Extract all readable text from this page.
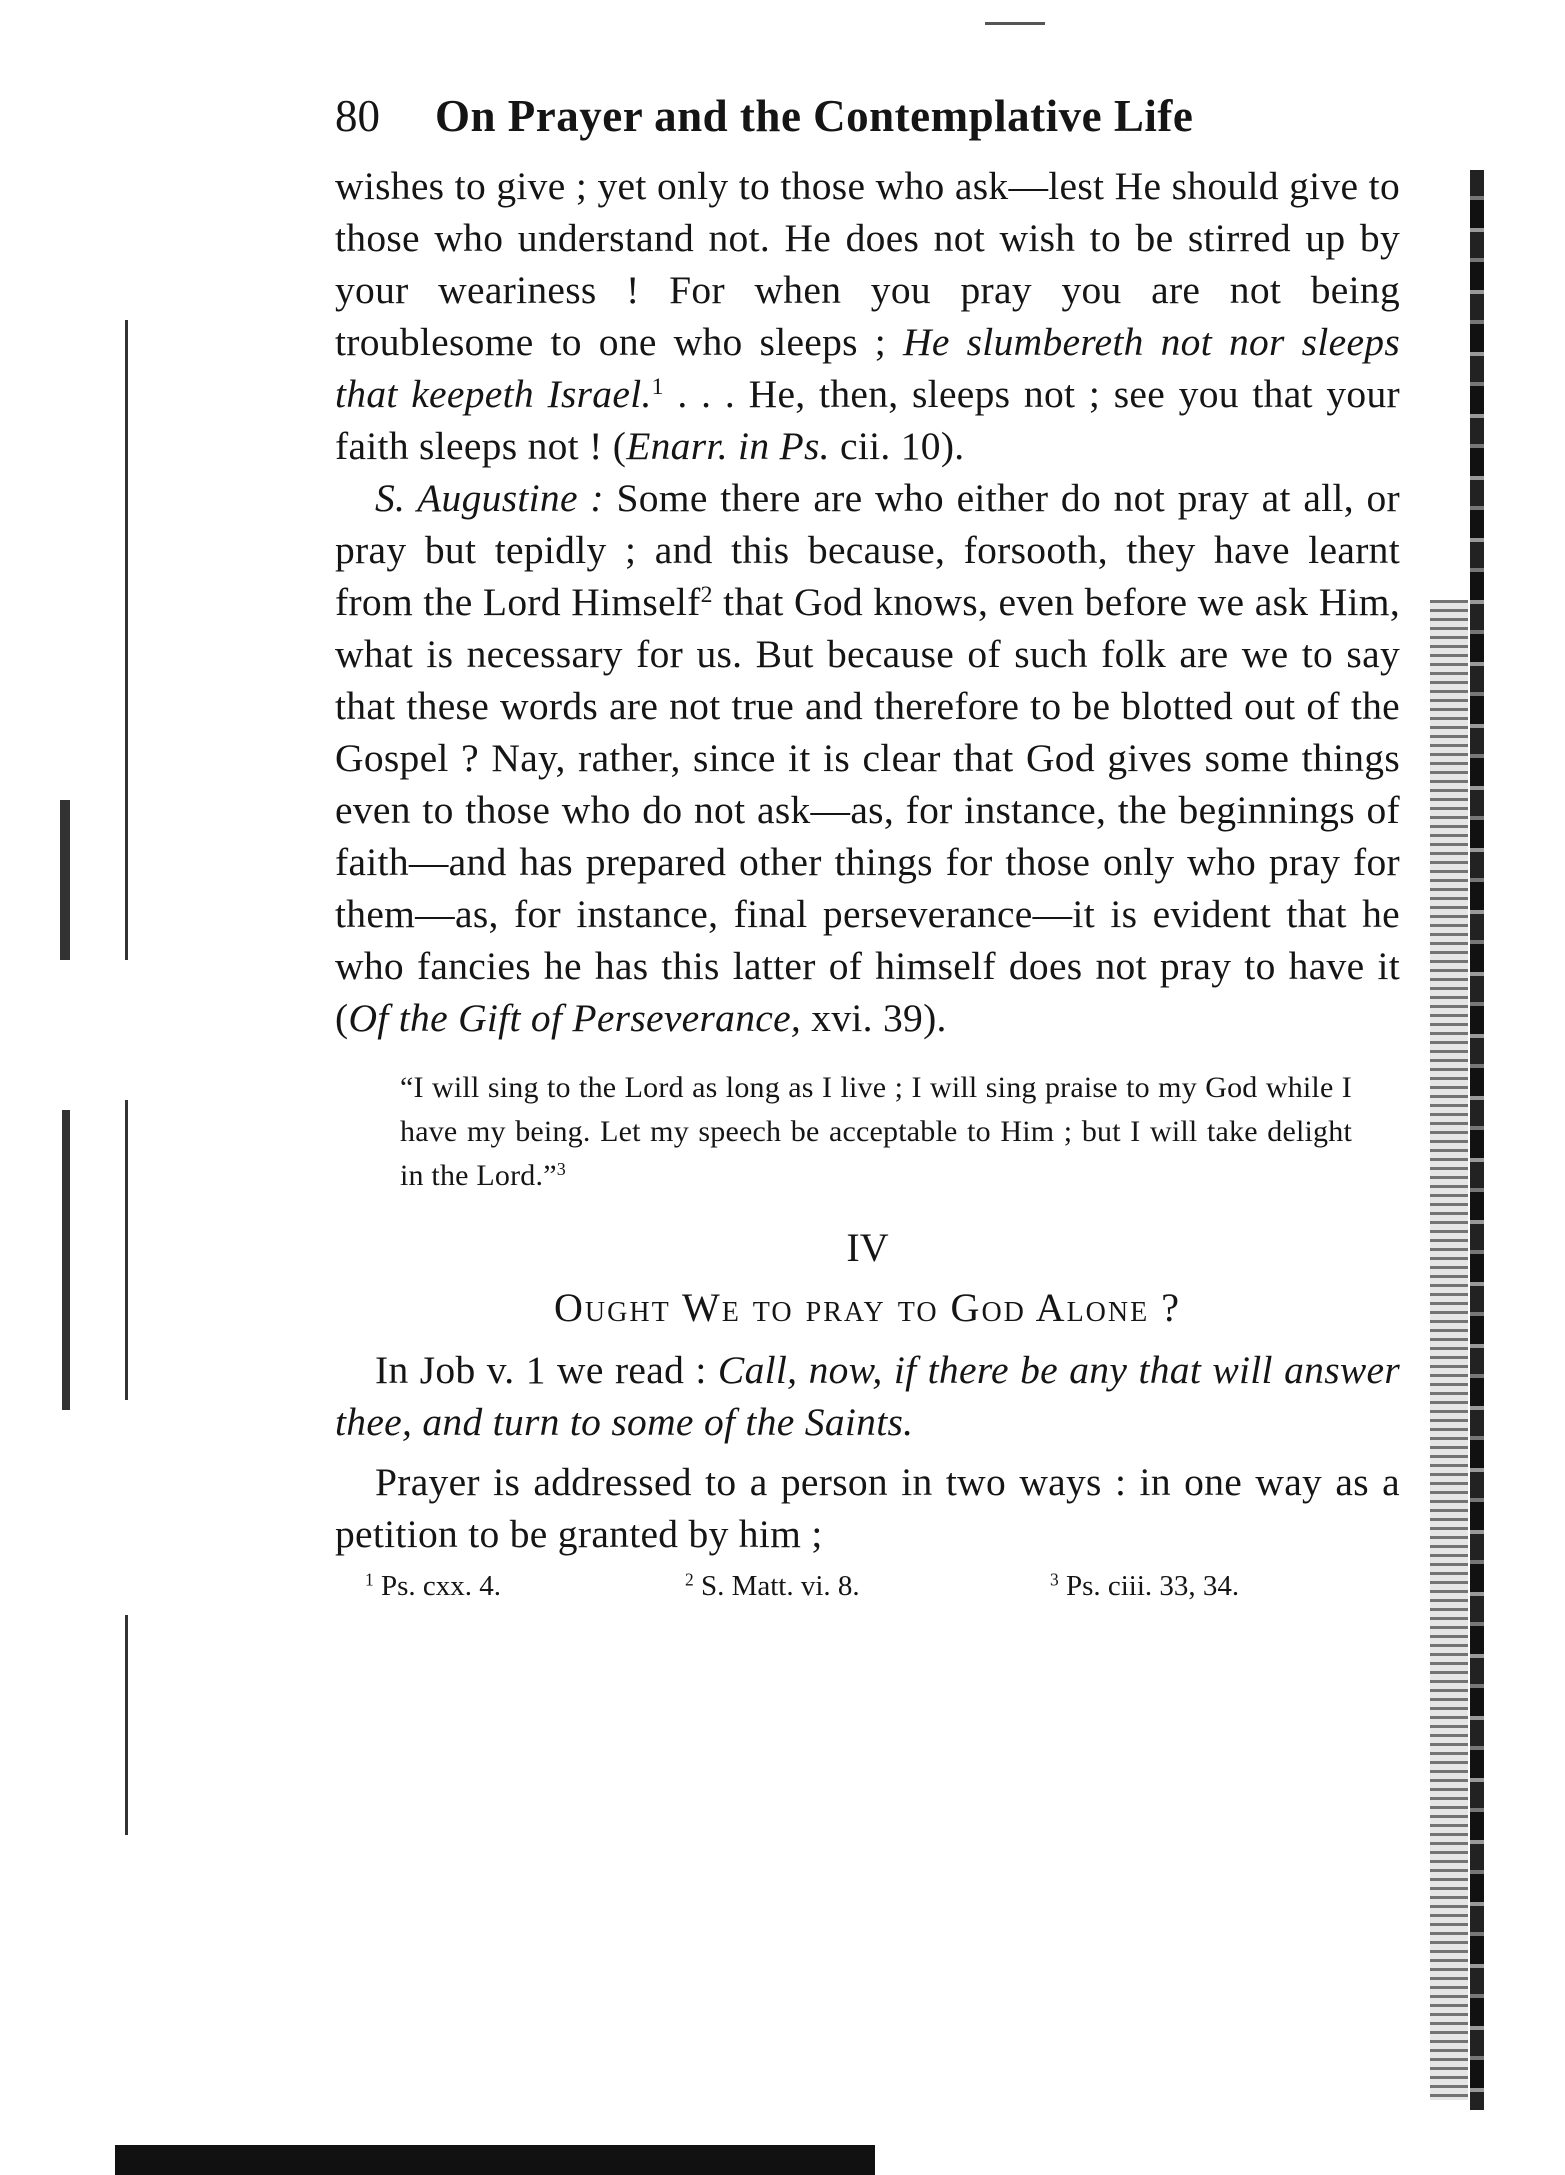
80 On Prayer and the Contemplative Life

wishes to give ; yet only to those who ask—lest He should give to those who understand not. He does not wish to be stirred up by your weariness ! For when you pray you are not being troublesome to one who sleeps ; He slumbereth not nor sleeps that keepeth Israel.$^1$ . . . He, then, sleeps not ; see you that your faith sleeps not ! (Enarr. in Ps. cii. 10).

S. Augustine : Some there are who either do not pray at all, or pray but tepidly ; and this because, forsooth, they have learnt from the Lord Himself$^2$ that God knows, even before we ask Him, what is necessary for us. But because of such folk are we to say that these words are not true and therefore to be blotted out of the Gospel ? Nay, rather, since it is clear that God gives some things even to those who do not ask—as, for instance, the beginnings of faith—and has prepared other things for those only who pray for them—as, for instance, final perseverance—it is evident that he who fancies he has this latter of himself does not pray to have it (Of the Gift of Perseverance, xvi. 39).

“I will sing to the Lord as long as I live ; I will sing praise to my God while I have my being. Let my speech be acceptable to Him ; but I will take delight in the Lord.”$^3$

IV
Ought We to pray to God Alone ?

In Job v. 1 we read : Call, now, if there be any that will answer thee, and turn to some of the Saints.

Prayer is addressed to a person in two ways : in one way as a petition to be granted by him ;

$^1$ Ps. cxx. 4.	$^2$ S. Matt. vi. 8.	$^3$ Ps. ciii. 33, 34.
